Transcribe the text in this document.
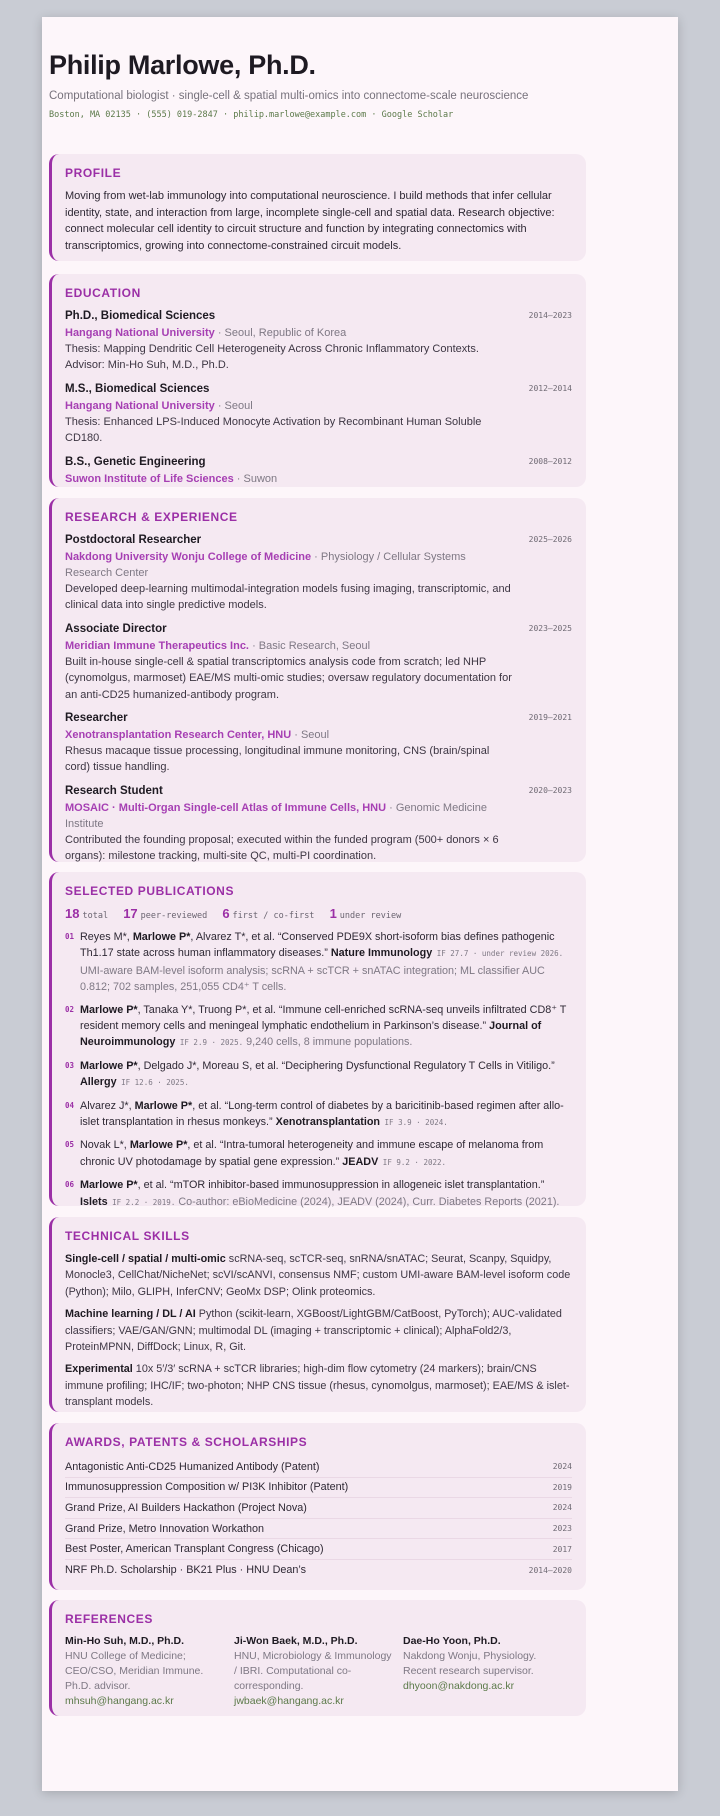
Philip Marlowe, Ph.D.
Computational biologist · single-cell & spatial multi-omics into connectome-scale neuroscience
Boston, MA 02135 · (555) 019-2847 · philip.marlowe@example.com · Google Scholar
PROFILE
Moving from wet-lab immunology into computational neuroscience. I build methods that infer cellular identity, state, and interaction from large, incomplete single-cell and spatial data. Research objective: connect molecular cell identity to circuit structure and function by integrating connectomics with transcriptomics, growing into connectome-constrained circuit models.
EDUCATION
Ph.D., Biomedical Sciences	2014–2023
Hangang National University · Seoul, Republic of Korea
Thesis: Mapping Dendritic Cell Heterogeneity Across Chronic Inflammatory Contexts. Advisor: Min-Ho Suh, M.D., Ph.D.
M.S., Biomedical Sciences	2012–2014
Hangang National University · Seoul
Thesis: Enhanced LPS-Induced Monocyte Activation by Recombinant Human Soluble CD180.
B.S., Genetic Engineering	2008–2012
Suwon Institute of Life Sciences · Suwon
RESEARCH & EXPERIENCE
Postdoctoral Researcher	2025–2026
Nakdong University Wonju College of Medicine · Physiology / Cellular Systems Research Center
Developed deep-learning multimodal-integration models fusing imaging, transcriptomic, and clinical data into single predictive models.
Associate Director	2023–2025
Meridian Immune Therapeutics Inc. · Basic Research, Seoul
Built in-house single-cell & spatial transcriptomics analysis code from scratch; led NHP (cynomolgus, marmoset) EAE/MS multi-omic studies; oversaw regulatory documentation for an anti-CD25 humanized-antibody program.
Researcher	2019–2021
Xenotransplantation Research Center, HNU · Seoul
Rhesus macaque tissue processing, longitudinal immune monitoring, CNS (brain/spinal cord) tissue handling.
Research Student	2020–2023
MOSAIC · Multi-Organ Single-cell Atlas of Immune Cells, HNU · Genomic Medicine Institute
Contributed the founding proposal; executed within the funded program (500+ donors × 6 organs): milestone tracking, multi-site QC, multi-PI coordination.
SELECTED PUBLICATIONS
18 total 17 peer-reviewed 6 first / co-first 1 under review
01 Reyes M*, Marlowe P*, Alvarez T*, et al. “Conserved PDE9X short-isoform bias defines pathogenic Th1.17 state across human inflammatory diseases.” Nature Immunology IF 27.7 · under review 2026. UMI-aware BAM-level isoform analysis; scRNA + scTCR + snATAC integration; ML classifier AUC 0.812; 702 samples, 251,055 CD4⁺ T cells.
02 Marlowe P*, Tanaka Y*, Truong P*, et al. “Immune cell-enriched scRNA-seq unveils infiltrated CD8⁺ T resident memory cells and meningeal lymphatic endothelium in Parkinson’s disease.” Journal of Neuroimmunology IF 2.9 · 2025. 9,240 cells, 8 immune populations.
03 Marlowe P*, Delgado J*, Moreau S, et al. “Deciphering Dysfunctional Regulatory T Cells in Vitiligo.” Allergy IF 12.6 · 2025.
04 Alvarez J*, Marlowe P*, et al. “Long-term control of diabetes by a baricitinib-based regimen after allo-islet transplantation in rhesus monkeys.” Xenotransplantation IF 3.9 · 2024.
05 Novak L*, Marlowe P*, et al. “Intra-tumoral heterogeneity and immune escape of melanoma from chronic UV photodamage by spatial gene expression.” JEADV IF 9.2 · 2022.
06 Marlowe P*, et al. “mTOR inhibitor-based immunosuppression in allogeneic islet transplantation.” Islets IF 2.2 · 2019. Co-author: eBioMedicine (2024), JEADV (2024), Curr. Diabetes Reports (2021).
TECHNICAL SKILLS
Single-cell / spatial / multi-omic scRNA-seq, scTCR-seq, snRNA/snATAC; Seurat, Scanpy, Squidpy, Monocle3, CellChat/NicheNet; scVI/scANVI, consensus NMF; custom UMI-aware BAM-level isoform code (Python); Milo, GLIPH, InferCNV; GeoMx DSP; Olink proteomics.
Machine learning / DL / AI Python (scikit-learn, XGBoost/LightGBM/CatBoost, PyTorch); AUC-validated classifiers; VAE/GAN/GNN; multimodal DL (imaging + transcriptomic + clinical); AlphaFold2/3, ProteinMPNN, DiffDock; Linux, R, Git.
Experimental 10x 5′/3′ scRNA + scTCR libraries; high-dim flow cytometry (24 markers); brain/CNS immune profiling; IHC/IF; two-photon; NHP CNS tissue (rhesus, cynomolgus, marmoset); EAE/MS & islet-transplant models.
AWARDS, PATENTS & SCHOLARSHIPS
Antagonistic Anti-CD25 Humanized Antibody (Patent)	2024
Immunosuppression Composition w/ PI3K Inhibitor (Patent)	2019
Grand Prize, AI Builders Hackathon (Project Nova)	2024
Grand Prize, Metro Innovation Workathon	2023
Best Poster, American Transplant Congress (Chicago)	2017
NRF Ph.D. Scholarship · BK21 Plus · HNU Dean’s	2014–2020
REFERENCES
Min-Ho Suh, M.D., Ph.D.
HNU College of Medicine; CEO/CSO, Meridian Immune. Ph.D. advisor.
mhsuh@hangang.ac.kr
Ji-Won Baek, M.D., Ph.D.
HNU, Microbiology & Immunology / IBRI. Computational co-corresponding.
jwbaek@hangang.ac.kr
Dae-Ho Yoon, Ph.D.
Nakdong Wonju, Physiology. Recent research supervisor.
dhyoon@nakdong.ac.kr
